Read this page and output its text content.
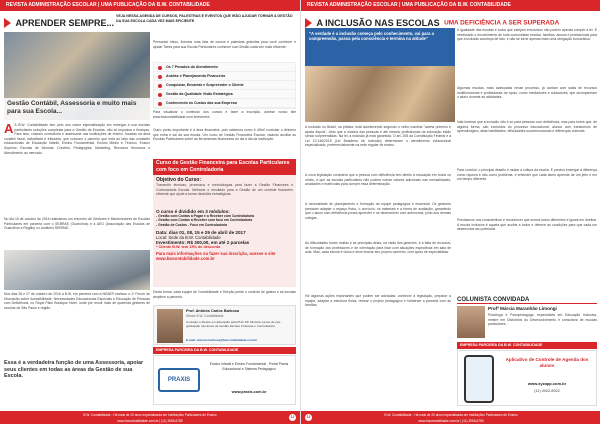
REVISTA ADMINISTRAÇÃO ESCOLAR | UMA PUBLICAÇÃO DA B.W. CONTABILIDADE
APRENDER SEMPRE...
VEJA NESSA AGENDA DE CURSOS, PALESTRAS E EVENTOS QUE IRÃO AJUDAR TORNAR A GESTÃO DA SUA ESCOLA CADA VEZ MAIS EFICIENTE
Gestão Contábil, Assessoria e muito mais para sua Escola...
A A B.W. Contabilidade tem pelo seu maior especialização em entregar a sua escolas particulares soluções completas para a Gestão da Escolas, não só impostos e finanças. Para isso, criamos consultoria e assessoria nas instituições de ensino, focadas na área contábil fiscal, trabalhista e tributária, que colocam o parceiro que está ao lado das unidades educacionais de Educação Infantil, Ensino Fundamental, Ensino Médio e Técnico, Ensino Superior, Escolas de Idiomas, Creches, Pedagogias, Marketing, Recursos Humanos e Atendimento ao mercado.
No dia 15 de outubro de 2016 realizamos um encontro de Gestores e Mantenedores de Escolas Particulares em parceria com o SEBRAE (Guarulhos) e a AEG (Associação das Escolas de Guarulhos e Região) no auditório SEBRAE.
Nos dias 26 e 27 de outubro de 2016 a B.W. em parceria com a NEAE® realizou o 1º Fórum de Discussão sobre Acessibilidade, Necessidades Educacionais Especiais e Educação de Pessoas com Deficiência, no Royal Palm Boutique Hotel, onde pôr reunir mais de quarenta gestores de escolas de São Paulo e região.
Essa é a verdadeira função de uma Assessoria, apoiar seus clientes em todas as áreas da Gestão de sua Escola.
Pensando nisso, fizemos uma lista de cursos e palestras gratuitas para você conhecer e ajudar Taxes para sua Escola Particulares conhecer sua Gestão cada vez mais eficiente.
Os 7 Pecados do Atendimento
Análise e Planejamento Financeiro
Conquistar, Encantar e Surpreender o Cliente
Gestão da Qualidade Visão Estratégica
Conhecendo os Custos das sua Empresa
Para visualizar o conteúdo dos cursos e fazer a inscrição, acesse nosso site www.bwcontabilidade.com.br/eventos
Outro ponto importante é a área financeira, pois sabemos como é difícil controlar o dinheiro que entra e sai da sua escola. Um curso de Gestão Financeira Escolar, visando auxiliar as Escolas Particulares sobre as ferramentas financeiras do dia a dia da instituição.
Curso de Gestão Financeira para Escolas Particulares com foco em Controladoria
Objetivo do Curso:
Transmitir técnicas, processos e metodologias para fazer a Gestão Financeira e Controladoria Escolar. Melhorar o resultado para a Gestão de um controle financeiro eficiente que ajude a tomar decisões estratégicas.
O curso é dividido em 3 módulos:
- Gestão com Contas a Pagar e a Receber com Controladoria
- Gestão com Contas a Receber com foco em Controladoria
- Gestão de Custos - Foco em Controladoria
Data: dias 01, 08, 15 e 29 de abril de 2017
Local: Sede da B.W. Contabilidade
Investimento: R$ 300,00, em até 2 parcelas
* Cliente B.W. tem 15% de desconto
Para mais informações ou fazer sua inscrição, acesse o site www.bwcontabilidade.com.br
Desta forma, cada equipe de Contabilidade e Direção perde o controle de gastos e as escolas ampliem a parceria.
Prof. Antônio Carlos Barbosa
Diretor B.W. Contabilidade
Contador e Mestre em Educação pela PUC-SP. Ministra cursos de pós-graduação nas áreas de Gestão Escolar, Finanças e Controladoria.
E-mail: antonio.barbosa@bwcontabilidade.com.br
EMPRESA PARCEIRA DA B.W. CONTABILIDADE
PRAXIS
Ensino Infantil e Ensino Fundamental - Portal Praxis Educacional e Sistema Pedagógico
www.praxis.com.br
B.W. Contabilidade - Há mais de 20 anos especializada em instituições Particulares de Ensino
www.bwcontabilidade.com.br | (11) 3958-6789
12
REVISTA ADMINISTRAÇÃO ESCOLAR | UMA PUBLICAÇÃO DA B.W. CONTABILIDADE
A INCLUSÃO NAS ESCOLAS UMA DEFICIÊNCIA A SER SUPERADA
"A verdade é a inclusão começa pelo conhecimento, vai para a compreensão, passa pela consciência e termina na atitude"
A inclusão no Brasil, na prática, está acontecendo segundo o velho maxima "acerta primeiro e ajusta depois", visto que a maioria das pessoas e até mesmo profissionais da educação estão sendo surpreendidas. Na lei, a inclusão já está garantida. O art. 208 da Constituição Federal e a Lei 13.146/2015 (Lei Brasileira de Inclusão) determinam o atendimento educacional especializado, preferencialmente na rede regular de ensino.
A nova legislação considera que a pessoa com deficiência tem direito à educação em todos os níveis, e que as escolas particulares não podem cobrar valores adicionais nas mensalidades, anuidades e matrículas para cumprir essa determinação.
A necessidade de planejamento e formação da equipe pedagógica é essencial. Os gestores precisam adaptar o espaço físico, o currículo, os materiais e a forma de avaliação, garantindo que o aluno com deficiência possa aprender e se desenvolver com autonomia, junto aos demais colegas.
As dificuldades foram muitas e as principais delas, na visão dos gestores, é a falta de recursos, de formação dos professores e de orientação para lidar com situações específicas em sala de aula. Mas, cada escola é única e deve buscar seu próprio caminho, com apoio de especialistas.
Há algumas ações importantes que podem ser adotadas: conhecer a legislação, preparar a equipe, adaptar a estrutura física, revisar o projeto pedagógico e fortalecer a parceria com as famílias.
A igualdade das escolas e todos que estejam envolvidos não podem apenas cumprir a lei. É necessário o envolvimento de toda comunidade escolar, famílias, alunos e profissionais para que a inclusão aconteça de fato, e não se torne apenas mais uma obrigação burocrática.
Algumas escolas, mais avançadas nesse processo, já contam com salas de recursos multifuncionais e profissionais de apoio, como mediadores e cuidadores, que acompanham o aluno durante as atividades.
Vale lembrar que a inclusão não é só para pessoas com deficiência, mas para todos que, de alguma forma, são excluídos do processo educacional: alunos com transtornos de aprendizagem, altas habilidades, dificuldades socioemocionais e diferenças culturais.
Para concluir, o principal desafio é mudar a cultura da escola. É preciso enxergar a diferença como riqueza e não como problema, e entender que cada aluno aprende de um jeito e em um tempo diferente.
Precisamos nos conscientizar e reconhecer que somos todos diferentes e iguais em direitos. A escola inclusiva é aquela que acolhe a todos e oferece as condições para que cada um desenvolva seu potencial.
COLUNISTA CONVIDADA
Profª Márcia Maranhão Limongi
Psicóloga e Psicopedagoga, especialista em Educação Inclusiva, mestre em Distúrbios do Desenvolvimento e consultora de escolas particulares.
EMPRESA PARCEIRA DA B.W. CONTABILIDADE
Aplicativo de Controle de Agenda dos alunos
www.xyzapp.com.br
(11) 4002-8922
B.W. Contabilidade - Há mais de 20 anos especializada em instituições Particulares de Ensino
www.bwcontabilidade.com.br | (11) 3958-6789
13
